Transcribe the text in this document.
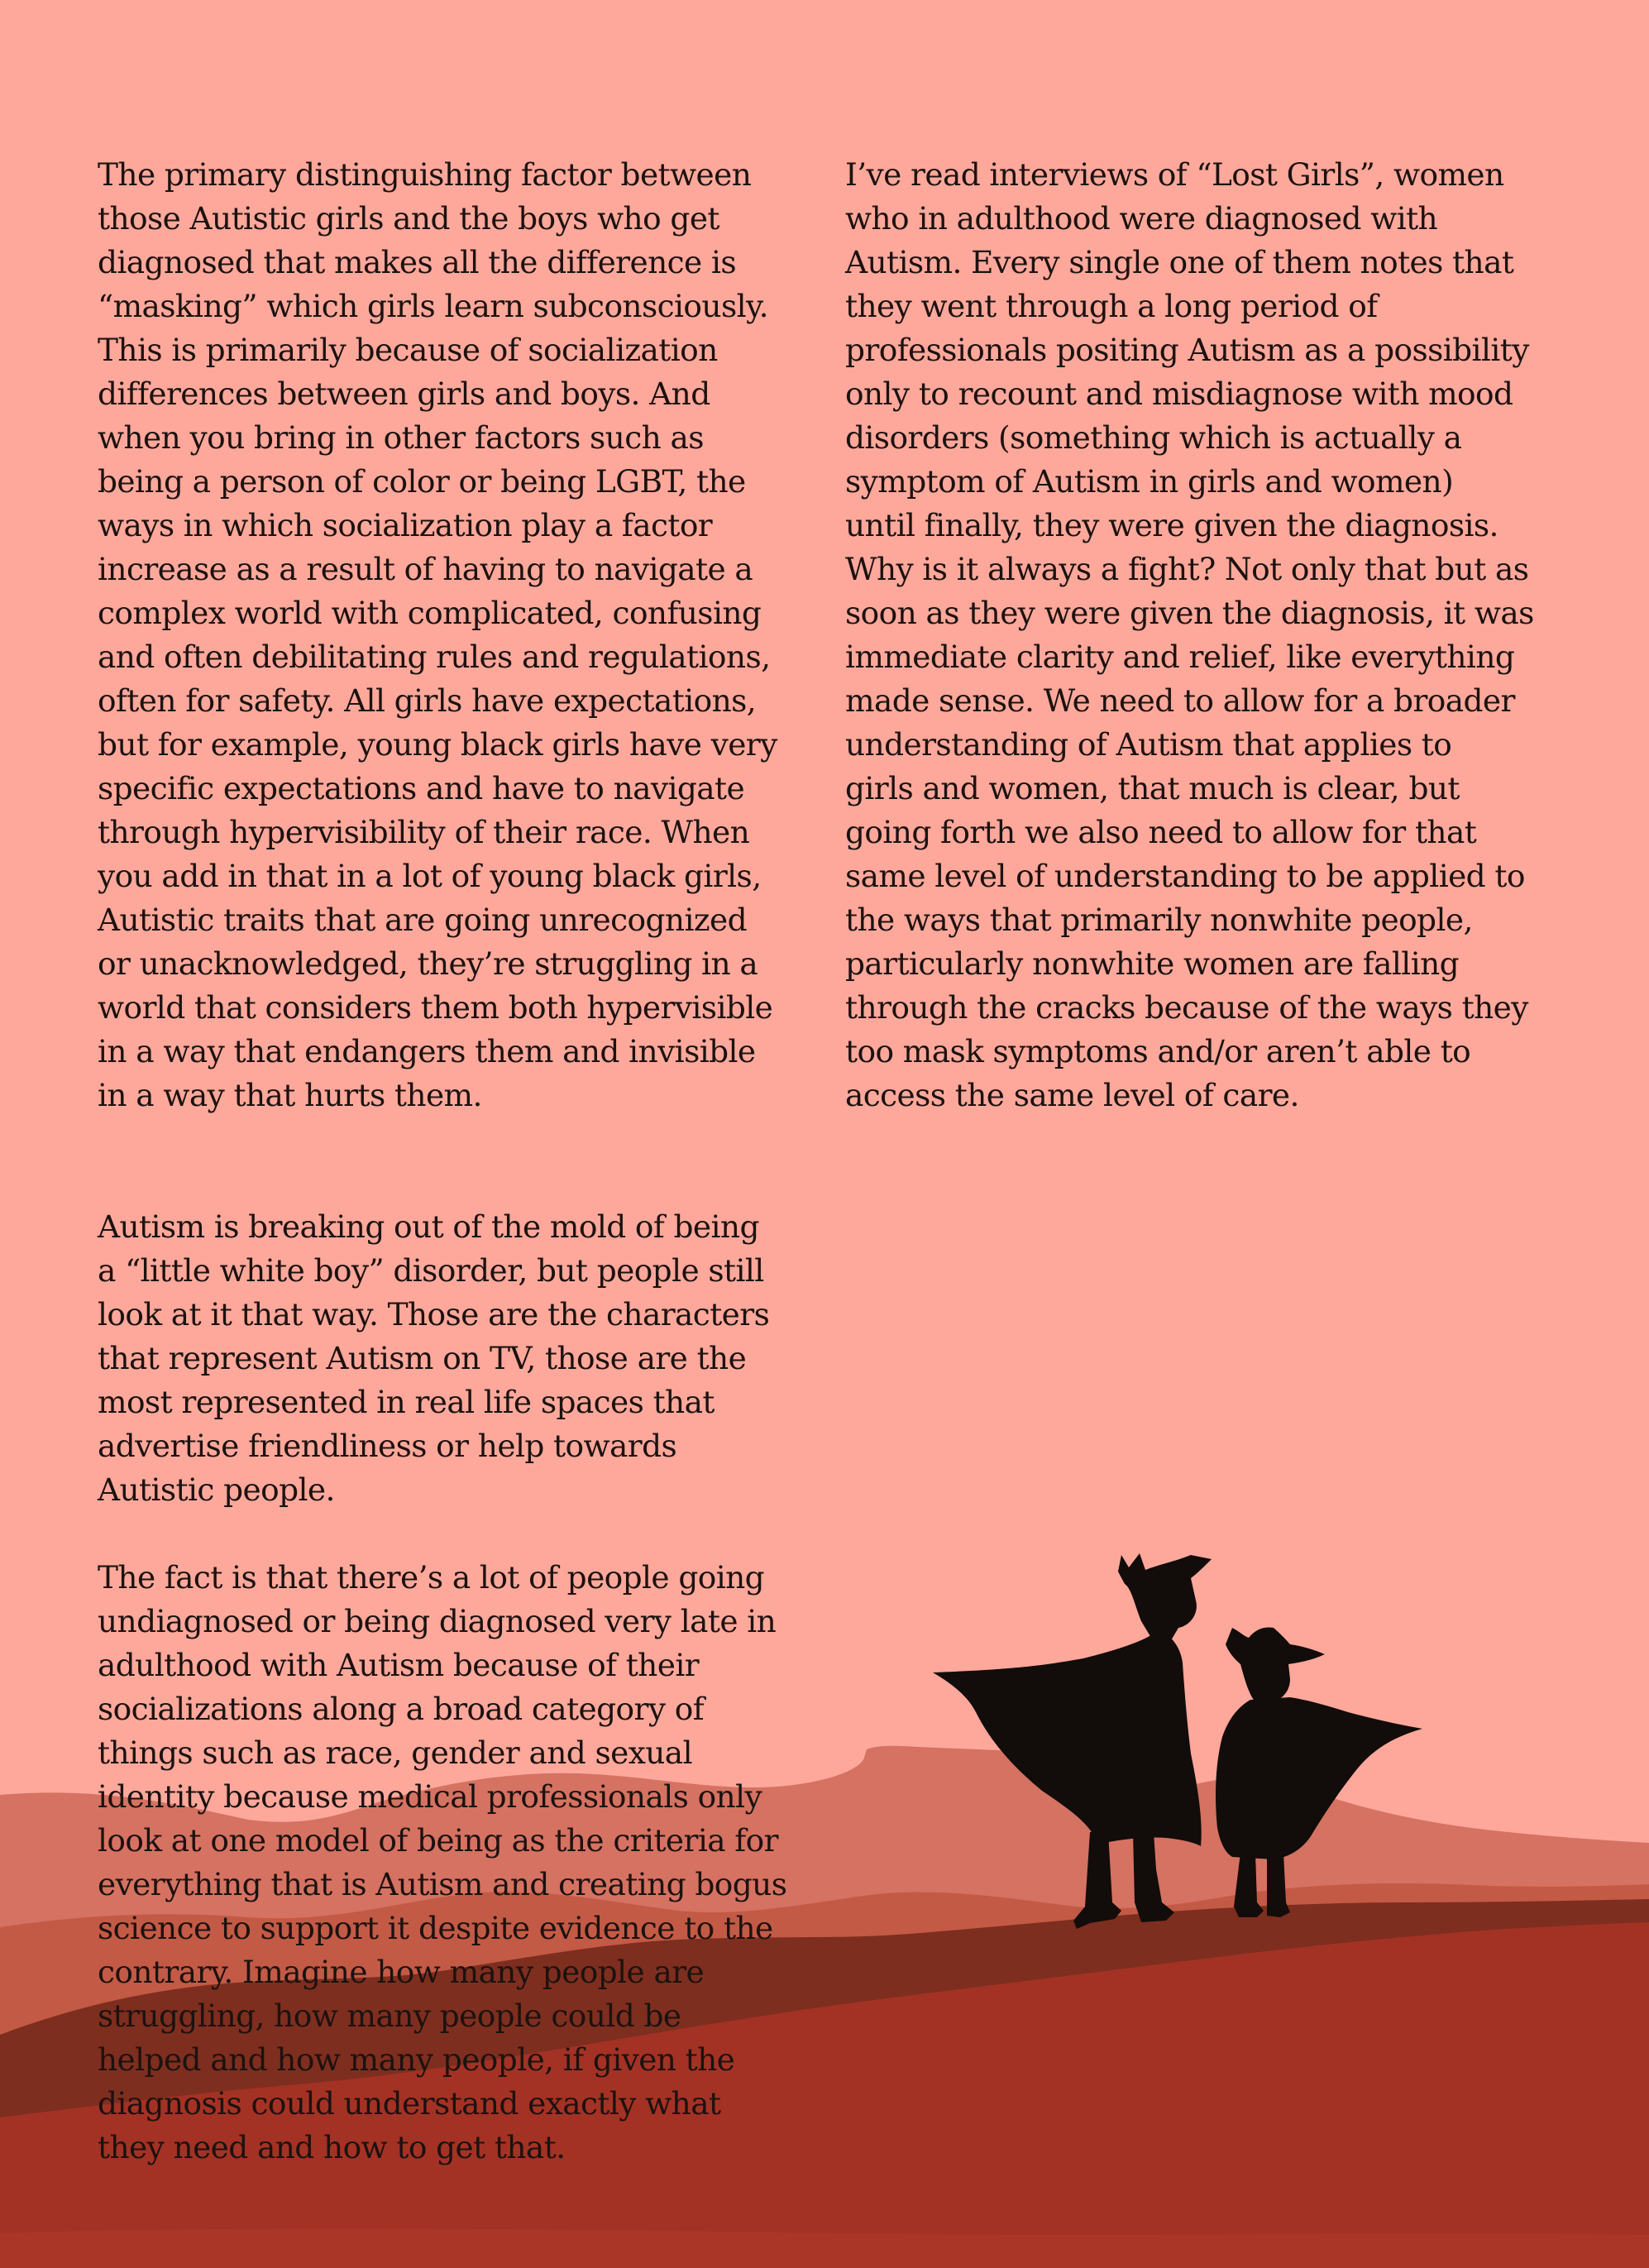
The primary distinguishing factor between
those Autistic girls and the boys who get
diagnosed that makes all the difference is
“masking” which girls learn subconsciously.
This is primarily because of socialization
differences between girls and boys. And
when you bring in other factors such as
being a person of color or being LGBT, the
ways in which socialization play a factor
increase as a result of having to navigate a
complex world with complicated, confusing
and often debilitating rules and regulations,
often for safety. All girls have expectations,
but for example, young black girls have very
specific expectations and have to navigate
through hypervisibility of their race. When
you add in that in a lot of young black girls,
Autistic traits that are going unrecognized
or unacknowledged, they’re struggling in a
world that considers them both hypervisible
in a way that endangers them and invisible
in a way that hurts them.

Autism is breaking out of the mold of being
a “little white boy” disorder, but people still
look at it that way. Those are the characters
that represent Autism on TV, those are the
most represented in real life spaces that
advertise friendliness or help towards
Autistic people.

The fact is that there’s a lot of people going
undiagnosed or being diagnosed very late in
adulthood with Autism because of their
socializations along a broad category of
things such as race, gender and sexual
identity because medical professionals only
look at one model of being as the criteria for
everything that is Autism and creating bogus
science to support it despite evidence to the
contrary. Imagine how many people are
struggling, how many people could be
helped and how many people, if given the
diagnosis could understand exactly what
they need and how to get that.

I’ve read interviews of “Lost Girls”, women
who in adulthood were diagnosed with
Autism. Every single one of them notes that
they went through a long period of
professionals positing Autism as a possibility
only to recount and misdiagnose with mood
disorders (something which is actually a
symptom of Autism in girls and women)
until finally, they were given the diagnosis.
Why is it always a fight? Not only that but as
soon as they were given the diagnosis, it was
immediate clarity and relief, like everything
made sense. We need to allow for a broader
understanding of Autism that applies to
girls and women, that much is clear, but
going forth we also need to allow for that
same level of understanding to be applied to
the ways that primarily nonwhite people,
particularly nonwhite women are falling
through the cracks because of the ways they
too mask symptoms and/or aren’t able to
access the same level of care.
